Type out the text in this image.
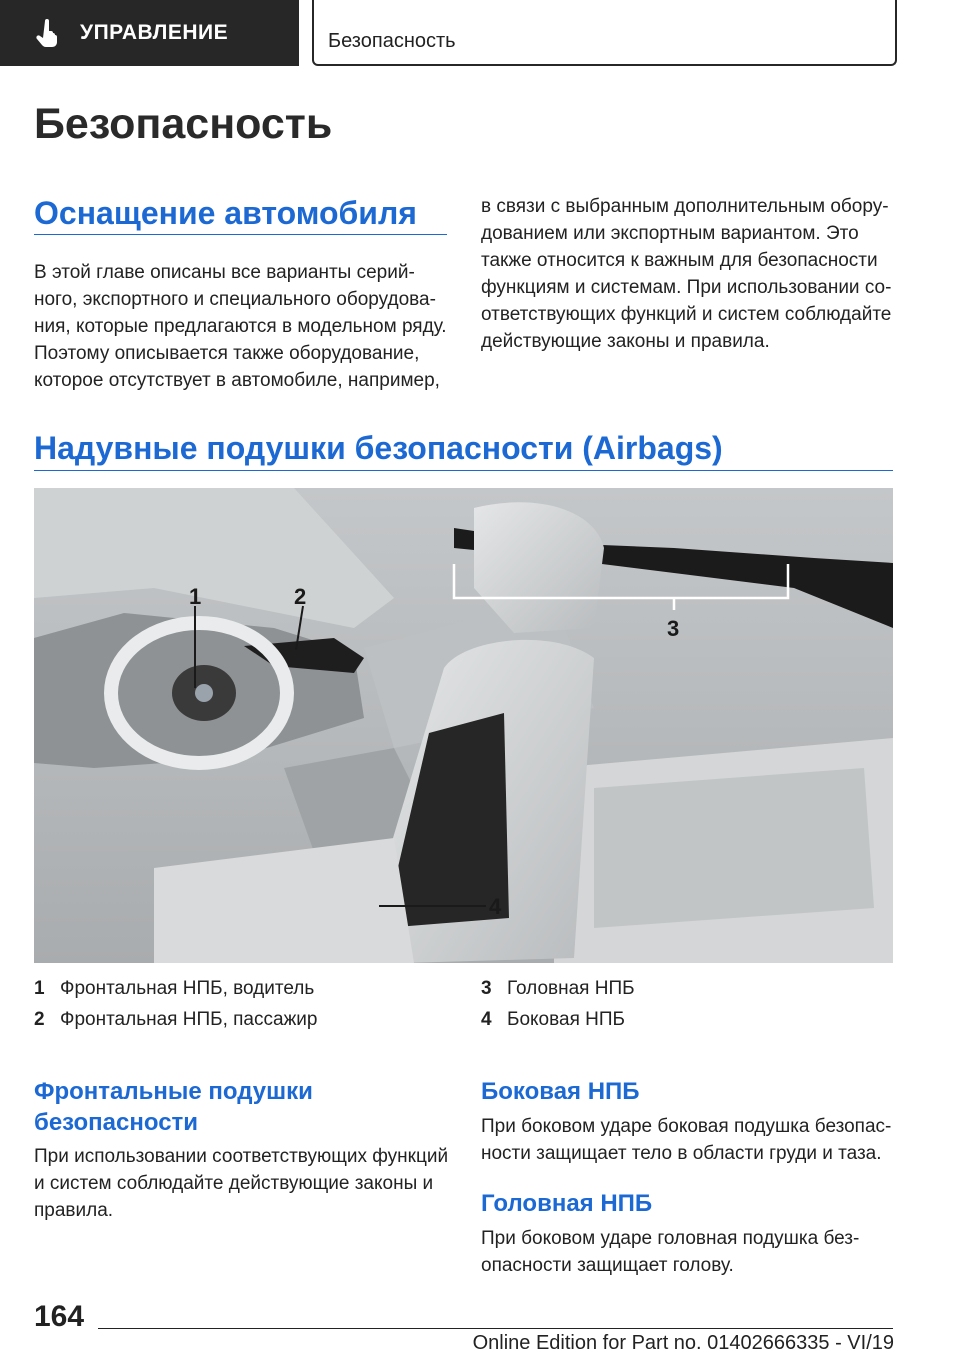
УПРАВЛЕНИЕ	Безопасность
Безопасность
Оснащение автомобиля

В этой главе описаны все варианты серий-

ного, экспортного и специального оборудова-

ния, которые предлагаются в модельном ряду.

Поэтому описывается также оборудование,

которое отсутствует в автомобиле, например,

в связи с выбранным дополнительным обору-

дованием или экспортным вариантом. Это

также относится к важным для безопасности

функциям и системам. При использовании со-

ответствующих функций и систем соблюдайте

действующие законы и правила.

Надувные подушки безопасности (Airbags)
1	2
3
4
1 Фронтальная НПБ, водитель
2 Фронтальная НПБ, пассажир
3 Головная НПБ
4 Боковая НПБ
Фронтальные подушки
безопасности

При использовании соответствующих функций

и систем соблюдайте действующие законы и

правила.

Боковая НПБ

При боковом ударе боковая подушка безопас-

ности защищает тело в области груди и таза.

Головная НПБ

При боковом ударе головная подушка без-

опасности защищает голову.

164
Online Edition for Part no. 01402666335 - VI/19
